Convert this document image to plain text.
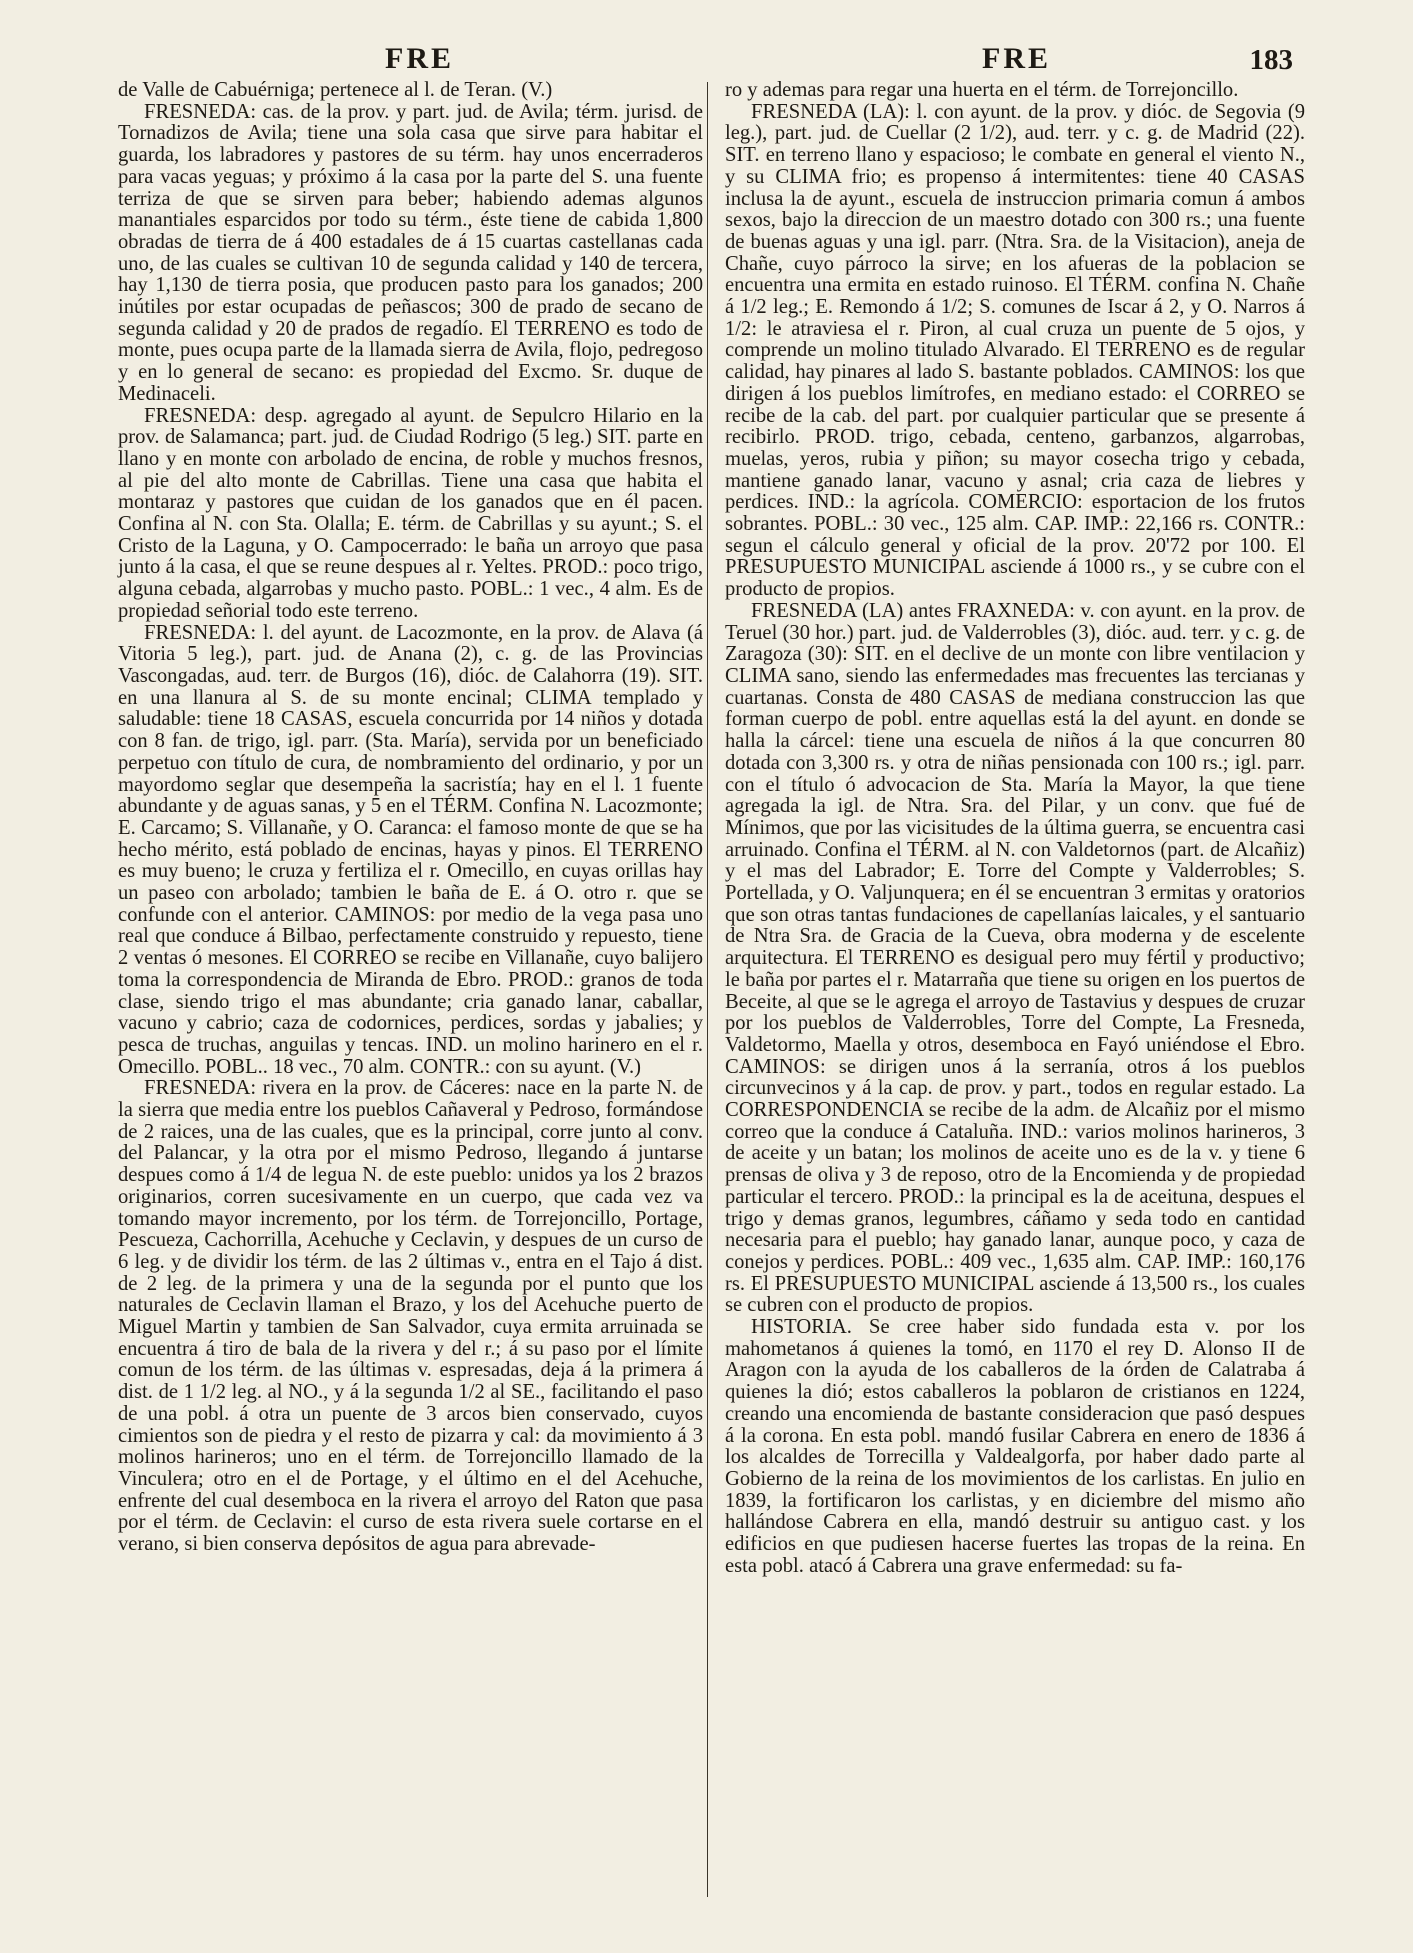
FRE	FRE	183

de Valle de Cabuérniga; pertenece al l. de Teran. (V.)

FRESNEDA: cas. de la prov. y part. jud. de Avila; térm. jurisd. de Tornadizos de Avila; tiene una sola casa que sirve para habitar el guarda, los labradores y pastores de su térm. hay unos encerraderos para vacas yeguas; y próximo á la casa por la parte del S. una fuente terriza de que se sirven para beber; habiendo ademas algunos manantiales esparcidos por todo su térm., éste tiene de cabida 1,800 obradas de tierra de á 400 estadales de á 15 cuartas castellanas cada uno, de las cuales se cultivan 10 de segunda calidad y 140 de tercera, hay 1,130 de tierra posia, que producen pasto para los ganados; 200 inútiles por estar ocupadas de peñascos; 300 de prado de secano de segunda calidad y 20 de prados de regadío. El TERRENO es todo de monte, pues ocupa parte de la llamada sierra de Avila, flojo, pedregoso y en lo general de secano: es propiedad del Excmo. Sr. duque de Medinaceli.

FRESNEDA: desp. agregado al ayunt. de Sepulcro Hilario en la prov. de Salamanca; part. jud. de Ciudad Rodrigo (5 leg.) SIT. parte en llano y en monte con arbolado de encina, de roble y muchos fresnos, al pie del alto monte de Cabrillas. Tiene una casa que habita el montaraz y pastores que cuidan de los ganados que en él pacen. Confina al N. con Sta. Olalla; E. térm. de Cabrillas y su ayunt.; S. el Cristo de la Laguna, y O. Campocerrado: le baña un arroyo que pasa junto á la casa, el que se reune despues al r. Yeltes. PROD.: poco trigo, alguna cebada, algarrobas y mucho pasto. POBL.: 1 vec., 4 alm. Es de propiedad señorial todo este terreno.

FRESNEDA: l. del ayunt. de Lacozmonte, en la prov. de Alava (á Vitoria 5 leg.), part. jud. de Anana (2), c. g. de las Provincias Vascongadas, aud. terr. de Burgos (16), dióc. de Calahorra (19). SIT. en una llanura al S. de su monte encinal; CLIMA templado y saludable: tiene 18 CASAS, escuela concurrida por 14 niños y dotada con 8 fan. de trigo, igl. parr. (Sta. María), servida por un beneficiado perpetuo con título de cura, de nombramiento del ordinario, y por un mayordomo seglar que desempeña la sacristía; hay en el l. 1 fuente abundante y de aguas sanas, y 5 en el TÉRM. Confina N. Lacozmonte; E. Carcamo; S. Villanañe, y O. Caranca: el famoso monte de que se ha hecho mérito, está poblado de encinas, hayas y pinos. El TERRENO es muy bueno; le cruza y fertiliza el r. Omecillo, en cuyas orillas hay un paseo con arbolado; tambien le baña de E. á O. otro r. que se confunde con el anterior. CAMINOS: por medio de la vega pasa uno real que conduce á Bilbao, perfectamente construido y repuesto, tiene 2 ventas ó mesones. El CORREO se recibe en Villanañe, cuyo balijero toma la correspondencia de Miranda de Ebro. PROD.: granos de toda clase, siendo trigo el mas abundante; cria ganado lanar, caballar, vacuno y cabrio; caza de codornices, perdices, sordas y jabalies; y pesca de truchas, anguilas y tencas. IND. un molino harinero en el r. Omecillo. POBL.. 18 vec., 70 alm. CONTR.: con su ayunt. (V.)

FRESNEDA: rivera en la prov. de Cáceres: nace en la parte N. de la sierra que media entre los pueblos Cañaveral y Pedroso, formándose de 2 raices, una de las cuales, que es la principal, corre junto al conv. del Palancar, y la otra por el mismo Pedroso, llegando á juntarse despues como á 1/4 de legua N. de este pueblo: unidos ya los 2 brazos originarios, corren sucesivamente en un cuerpo, que cada vez va tomando mayor incremento, por los térm. de Torrejoncillo, Portage, Pescueza, Cachorrilla, Acehuche y Ceclavin, y despues de un curso de 6 leg. y de dividir los térm. de las 2 últimas v., entra en el Tajo á dist. de 2 leg. de la primera y una de la segunda por el punto que los naturales de Ceclavin llaman el Brazo, y los del Acehuche puerto de Miguel Martin y tambien de San Salvador, cuya ermita arruinada se encuentra á tiro de bala de la rivera y del r.; á su paso por el límite comun de los térm. de las últimas v. espresadas, deja á la primera á dist. de 1 1/2 leg. al NO., y á la segunda 1/2 al SE., facilitando el paso de una pobl. á otra un puente de 3 arcos bien conservado, cuyos cimientos son de piedra y el resto de pizarra y cal: da movimiento á 3 molinos harineros; uno en el térm. de Torrejoncillo llamado de la Vinculera; otro en el de Portage, y el último en el del Acehuche, enfrente del cual desemboca en la rivera el arroyo del Raton que pasa por el térm. de Ceclavin: el curso de esta rivera suele cortarse en el verano, si bien conserva depósitos de agua para abrevade-

ro y ademas para regar una huerta en el térm. de Torrejoncillo.

FRESNEDA (LA): l. con ayunt. de la prov. y dióc. de Segovia (9 leg.), part. jud. de Cuellar (2 1/2), aud. terr. y c. g. de Madrid (22). SIT. en terreno llano y espacioso; le combate en general el viento N., y su CLIMA frio; es propenso á intermitentes: tiene 40 CASAS inclusa la de ayunt., escuela de instruccion primaria comun á ambos sexos, bajo la direccion de un maestro dotado con 300 rs.; una fuente de buenas aguas y una igl. parr. (Ntra. Sra. de la Visitacion), aneja de Chañe, cuyo párroco la sirve; en los afueras de la poblacion se encuentra una ermita en estado ruinoso. El TÉRM. confina N. Chañe á 1/2 leg.; E. Remondo á 1/2; S. comunes de Iscar á 2, y O. Narros á 1/2: le atraviesa el r. Piron, al cual cruza un puente de 5 ojos, y comprende un molino titulado Alvarado. El TERRENO es de regular calidad, hay pinares al lado S. bastante poblados. CAMINOS: los que dirigen á los pueblos limítrofes, en mediano estado: el CORREO se recibe de la cab. del part. por cualquier particular que se presente á recibirlo. PROD. trigo, cebada, centeno, garbanzos, algarrobas, muelas, yeros, rubia y piñon; su mayor cosecha trigo y cebada, mantiene ganado lanar, vacuno y asnal; cria caza de liebres y perdices. IND.: la agrícola. COMERCIO: esportacion de los frutos sobrantes. POBL.: 30 vec., 125 alm. CAP. IMP.: 22,166 rs. CONTR.: segun el cálculo general y oficial de la prov. 20'72 por 100. El PRESUPUESTO MUNICIPAL asciende á 1000 rs., y se cubre con el producto de propios.

FRESNEDA (LA) antes FRAXNEDA: v. con ayunt. en la prov. de Teruel (30 hor.) part. jud. de Valderrobles (3), dióc. aud. terr. y c. g. de Zaragoza (30): SIT. en el declive de un monte con libre ventilacion y CLIMA sano, siendo las enfermedades mas frecuentes las tercianas y cuartanas. Consta de 480 CASAS de mediana construccion las que forman cuerpo de pobl. entre aquellas está la del ayunt. en donde se halla la cárcel: tiene una escuela de niños á la que concurren 80 dotada con 3,300 rs. y otra de niñas pensionada con 100 rs.; igl. parr. con el título ó advocacion de Sta. María la Mayor, la que tiene agregada la igl. de Ntra. Sra. del Pilar, y un conv. que fué de Mínimos, que por las vicisitudes de la última guerra, se encuentra casi arruinado. Confina el TÉRM. al N. con Valdetornos (part. de Alcañiz) y el mas del Labrador; E. Torre del Compte y Valderrobles; S. Portellada, y O. Valjunquera; en él se encuentran 3 ermitas y oratorios que son otras tantas fundaciones de capellanías laicales, y el santuario de Ntra Sra. de Gracia de la Cueva, obra moderna y de escelente arquitectura. El TERRENO es desigual pero muy fértil y productivo; le baña por partes el r. Matarraña que tiene su origen en los puertos de Beceite, al que se le agrega el arroyo de Tastavius y despues de cruzar por los pueblos de Valderrobles, Torre del Compte, La Fresneda, Valdetormo, Maella y otros, desemboca en Fayó uniéndose el Ebro. CAMINOS: se dirigen unos á la serranía, otros á los pueblos circunvecinos y á la cap. de prov. y part., todos en regular estado. La CORRESPONDENCIA se recibe de la adm. de Alcañiz por el mismo correo que la conduce á Cataluña. IND.: varios molinos harineros, 3 de aceite y un batan; los molinos de aceite uno es de la v. y tiene 6 prensas de oliva y 3 de reposo, otro de la Encomienda y de propiedad particular el tercero. PROD.: la principal es la de aceituna, despues el trigo y demas granos, legumbres, cáñamo y seda todo en cantidad necesaria para el pueblo; hay ganado lanar, aunque poco, y caza de conejos y perdices. POBL.: 409 vec., 1,635 alm. CAP. IMP.: 160,176 rs. El PRESUPUESTO MUNICIPAL asciende á 13,500 rs., los cuales se cubren con el producto de propios.

HISTORIA. Se cree haber sido fundada esta v. por los mahometanos á quienes la tomó, en 1170 el rey D. Alonso II de Aragon con la ayuda de los caballeros de la órden de Calatraba á quienes la dió; estos caballeros la poblaron de cristianos en 1224, creando una encomienda de bastante consideracion que pasó despues á la corona. En esta pobl. mandó fusilar Cabrera en enero de 1836 á los alcaldes de Torrecilla y Valdealgorfa, por haber dado parte al Gobierno de la reina de los movimientos de los carlistas. En julio en 1839, la fortificaron los carlistas, y en diciembre del mismo año hallándose Cabrera en ella, mandó destruir su antiguo cast. y los edificios en que pudiesen hacerse fuertes las tropas de la reina. En esta pobl. atacó á Cabrera una grave enfermedad: su fa-
